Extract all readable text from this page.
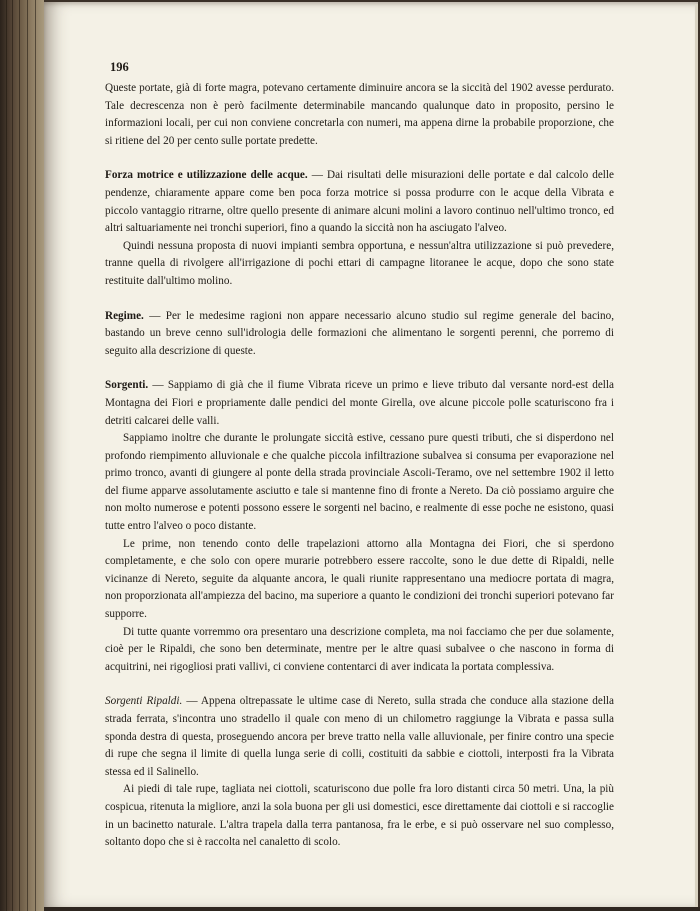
196

Queste portate, già di forte magra, potevano certamente diminuire ancora se la siccità del 1902 avesse perdurato. Tale decrescenza non è però facilmente determinabile mancando qualunque dato in proposito, persino le informazioni locali, per cui non conviene concretarla con numeri, ma appena dirne la probabile proporzione, che si ritiene del 20 per cento sulle portate predette.

Forza motrice e utilizzazione delle acque. — Dai risultati delle misurazioni delle portate e dal calcolo delle pendenze, chiaramente appare come ben poca forza motrice si possa produrre con le acque della Vibrata e piccolo vantaggio ritrarne, oltre quello presente di animare alcuni molini a lavoro continuo nell'ultimo tronco, ed altri saltuariamente nei tronchi superiori, fino a quando la siccità non ha asciugato l'alveo.

Quindi nessuna proposta di nuovi impianti sembra opportuna, e nessun'altra utilizzazione si può prevedere, tranne quella di rivolgere all'irrigazione di pochi ettari di campagne litoranee le acque, dopo che sono state restituite dall'ultimo molino.

Regime. — Per le medesime ragioni non appare necessario alcuno studio sul regime generale del bacino, bastando un breve cenno sull'idrologia delle formazioni che alimentano le sorgenti perenni, che porremo di seguito alla descrizione di queste.

Sorgenti. — Sappiamo di già che il fiume Vibrata riceve un primo e lieve tributo dal versante nord-est della Montagna dei Fiori e propriamente dalle pendici del monte Girella, ove alcune piccole polle scaturiscono fra i detriti calcarei delle valli.

Sappiamo inoltre che durante le prolungate siccità estive, cessano pure questi tributi, che si disperdono nel profondo riempimento alluvionale e che qualche piccola infiltrazione subalvea si consuma per evaporazione nel primo tronco, avanti di giungere al ponte della strada provinciale Ascoli-Teramo, ove nel settembre 1902 il letto del fiume apparve assolutamente asciutto e tale si mantenne fino di fronte a Nereto. Da ciò possiamo arguire che non molto numerose e potenti possono essere le sorgenti nel bacino, e realmente di esse poche ne esistono, quasi tutte entro l'alveo o poco distante.

Le prime, non tenendo conto delle trapelazioni attorno alla Montagna dei Fiori, che si sperdono completamente, e che solo con opere murarie potrebbero essere raccolte, sono le due dette di Ripaldi, nelle vicinanze di Nereto, seguite da alquante ancora, le quali riunite rappresentano una mediocre portata di magra, non proporzionata all'ampiezza del bacino, ma superiore a quanto le condizioni dei tronchi superiori potevano far supporre.

Di tutte quante vorremmo ora presentaro una descrizione completa, ma noi facciamo che per due solamente, cioè per le Ripaldi, che sono ben determinate, mentre per le altre quasi subalvee o che nascono in forma di acquitrini, nei rigogliosi prati vallivi, ci conviene contentarci di aver indicata la portata complessiva.

Sorgenti Ripaldi. — Appena oltrepassate le ultime case di Nereto, sulla strada che conduce alla stazione della strada ferrata, s'incontra uno stradello il quale con meno di un chilometro raggiunge la Vibrata e passa sulla sponda destra di questa, proseguendo ancora per breve tratto nella valle alluvionale, per finire contro una specie di rupe che segna il limite di quella lunga serie di colli, costituiti da sabbie e ciottoli, interposti fra la Vibrata stessa ed il Salinello.

Ai piedi di tale rupe, tagliata nei ciottoli, scaturiscono due polle fra loro distanti circa 50 metri. Una, la più cospicua, ritenuta la migliore, anzi la sola buona per gli usi domestici, esce direttamente dai ciottoli e si raccoglie in un bacinetto naturale. L'altra trapela dalla terra pantanosa, fra le erbe, e si può osservare nel suo complesso, soltanto dopo che si è raccolta nel canaletto di scolo.
